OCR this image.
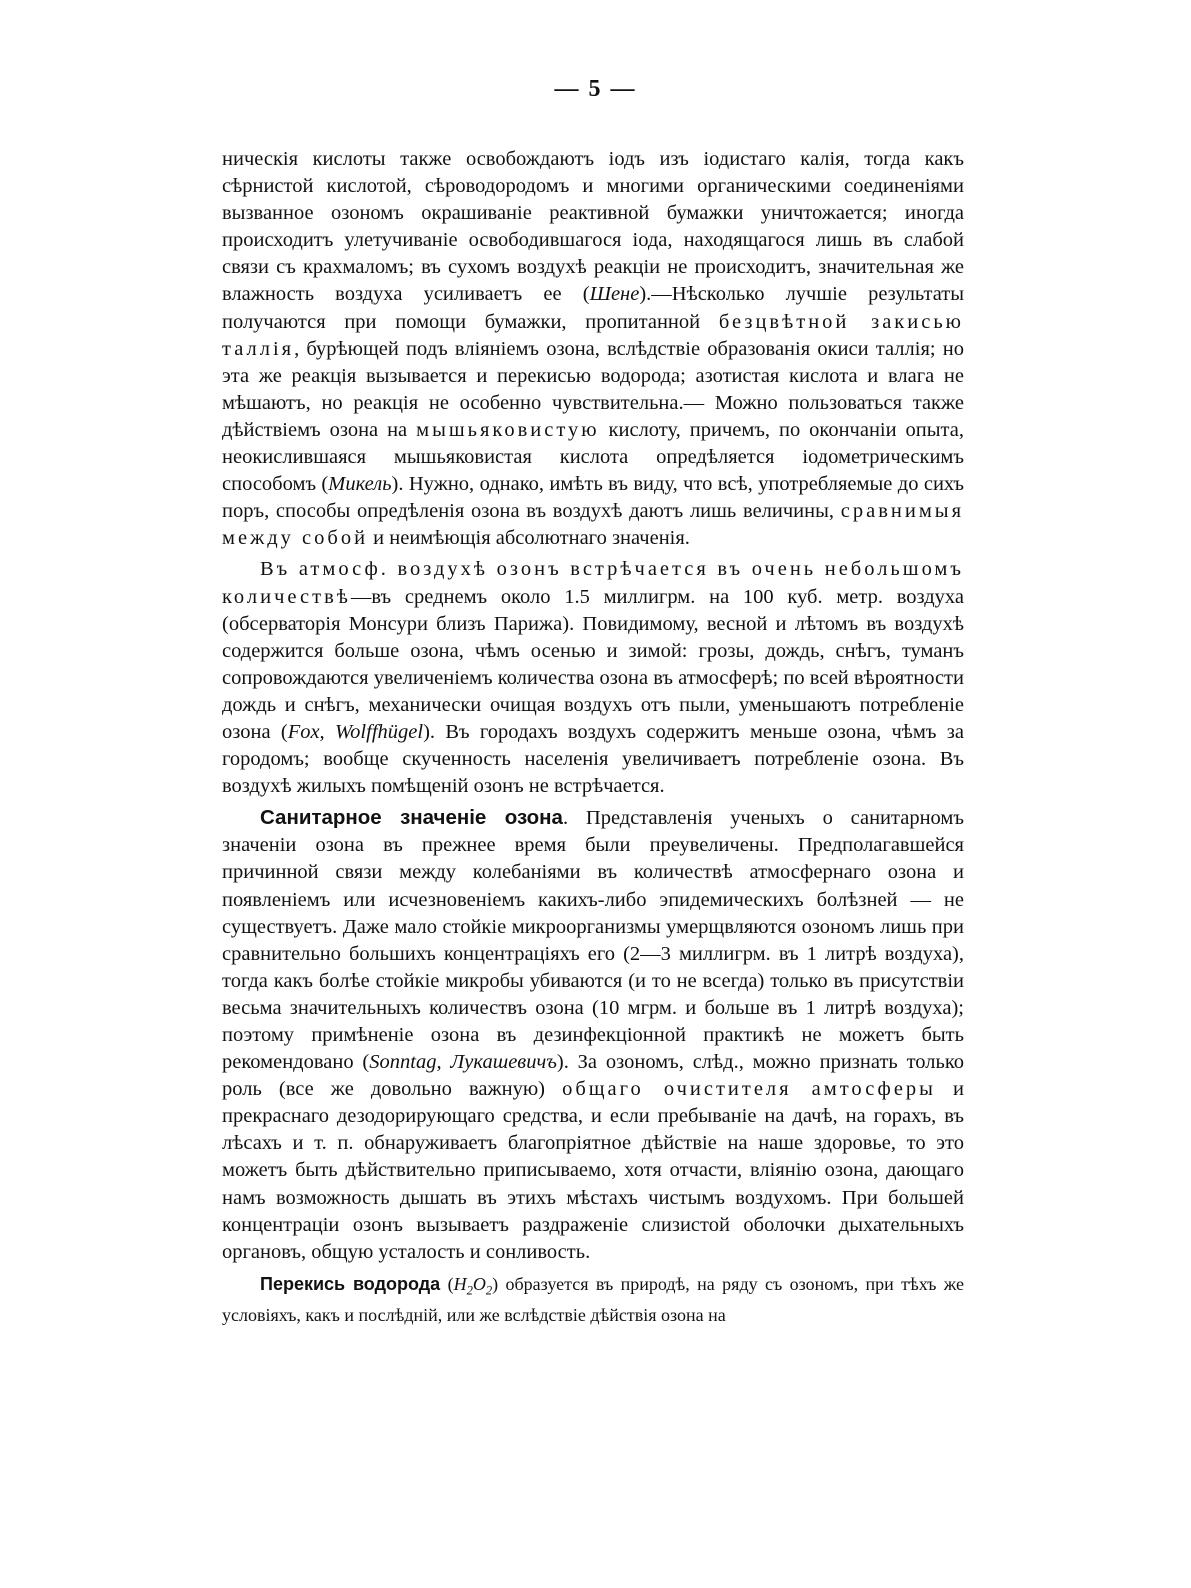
— 5 —

ническія кислоты также освобождаютъ іодъ изъ іодистаго калія, тогда какъ сѣрнистой кислотой, сѣроводородомъ и многими органическими соединеніями вызванное озономъ окрашиваніе реактивной бумажки уничтожается; иногда происходитъ улетучиваніе освободившагося іода, находящагося лишь въ слабой связи съ крахмаломъ; въ сухомъ воздухѣ реакціи не происходитъ, значительная же влажность воздуха усиливаетъ ее (Шене).—Нѣсколько лучшіе результаты получаются при помощи бумажки, пропитанной безцвѣтной закисью таллія, бурѣющей подъ вліяніемъ озона, вслѣдствіе образованія окиси таллія; но эта же реакція вызывается и перекисью водорода; азотистая кислота и влага не мѣшаютъ, но реакція не особенно чувствительна.— Можно пользоваться также дѣйствіемъ озона на мышьяковистую кислоту, причемъ, по окончаніи опыта, неокислившаяся мышьяковистая кислота опредѣляется іодометрическимъ способомъ (Микель). Нужно, однако, имѣть въ виду, что всѣ, употребляемые до сихъ поръ, способы опредѣленія озона въ воздухѣ даютъ лишь величины, сравнимыя между собой и неимѣющія абсолютнаго значенія.

Въ атмосф. воздухѣ озонъ встрѣчается въ очень небольшомъ количествѣ—въ среднемъ около 1.5 миллигрм. на 100 куб. метр. воздуха (обсерваторія Монсури близъ Парижа). Повидимому, весной и лѣтомъ въ воздухѣ содержится больше озона, чѣмъ осенью и зимой: грозы, дождь, снѣгъ, туманъ сопровождаются увеличеніемъ количества озона въ атмосферѣ; по всей вѣроятности дождь и снѣгъ, механически очищая воздухъ отъ пыли, уменьшаютъ потребленіе озона (Fox, Wolffhügel). Въ городахъ воздухъ содержитъ меньше озона, чѣмъ за городомъ; вообще скученность населенія увеличиваетъ потребленіе озона. Въ воздухѣ жилыхъ помѣщеній озонъ не встрѣчается.

Санитарное значеніе озона. Представленія ученыхъ о санитарномъ значеніи озона въ прежнее время были преувеличены. Предполагавшейся причинной связи между колебаніями въ количествѣ атмосфернаго озона и появленіемъ или исчезновеніемъ какихъ-либо эпидемическихъ болѣзней — не существуетъ. Даже мало стойкіе микроорганизмы умерщвляются озономъ лишь при сравнительно большихъ концентраціяхъ его (2—3 миллигрм. въ 1 литрѣ воздуха), тогда какъ болѣе стойкіе микробы убиваются (и то не всегда) только въ присутствіи весьма значительныхъ количествъ озона (10 мгрм. и больше въ 1 литрѣ воздуха); поэтому примѣненіе озона въ дезинфекціонной практикѣ не можетъ быть рекомендовано (Sonntag, Лукашевичъ). За озономъ, слѣд., можно признать только роль (все же довольно важную) общаго очистителя амтосферы и прекраснаго дезодорирующаго средства, и если пребываніе на дачѣ, на горахъ, въ лѣсахъ и т. п. обнаруживаетъ благопріятное дѣйствіе на наше здоровье, то это можетъ быть дѣйствительно приписываемо, хотя отчасти, вліянію озона, дающаго намъ возможность дышать въ этихъ мѣстахъ чистымъ воздухомъ. При большей концентраціи озонъ вызываетъ раздраженіе слизистой оболочки дыхательныхъ органовъ, общую усталость и сонливость.

Перекись водорода $(H_2O_2)$ образуется въ природѣ, на ряду съ озономъ, при тѣхъ же условіяхъ, какъ и послѣдній, или же вслѣдствіе дѣйствія озона на
